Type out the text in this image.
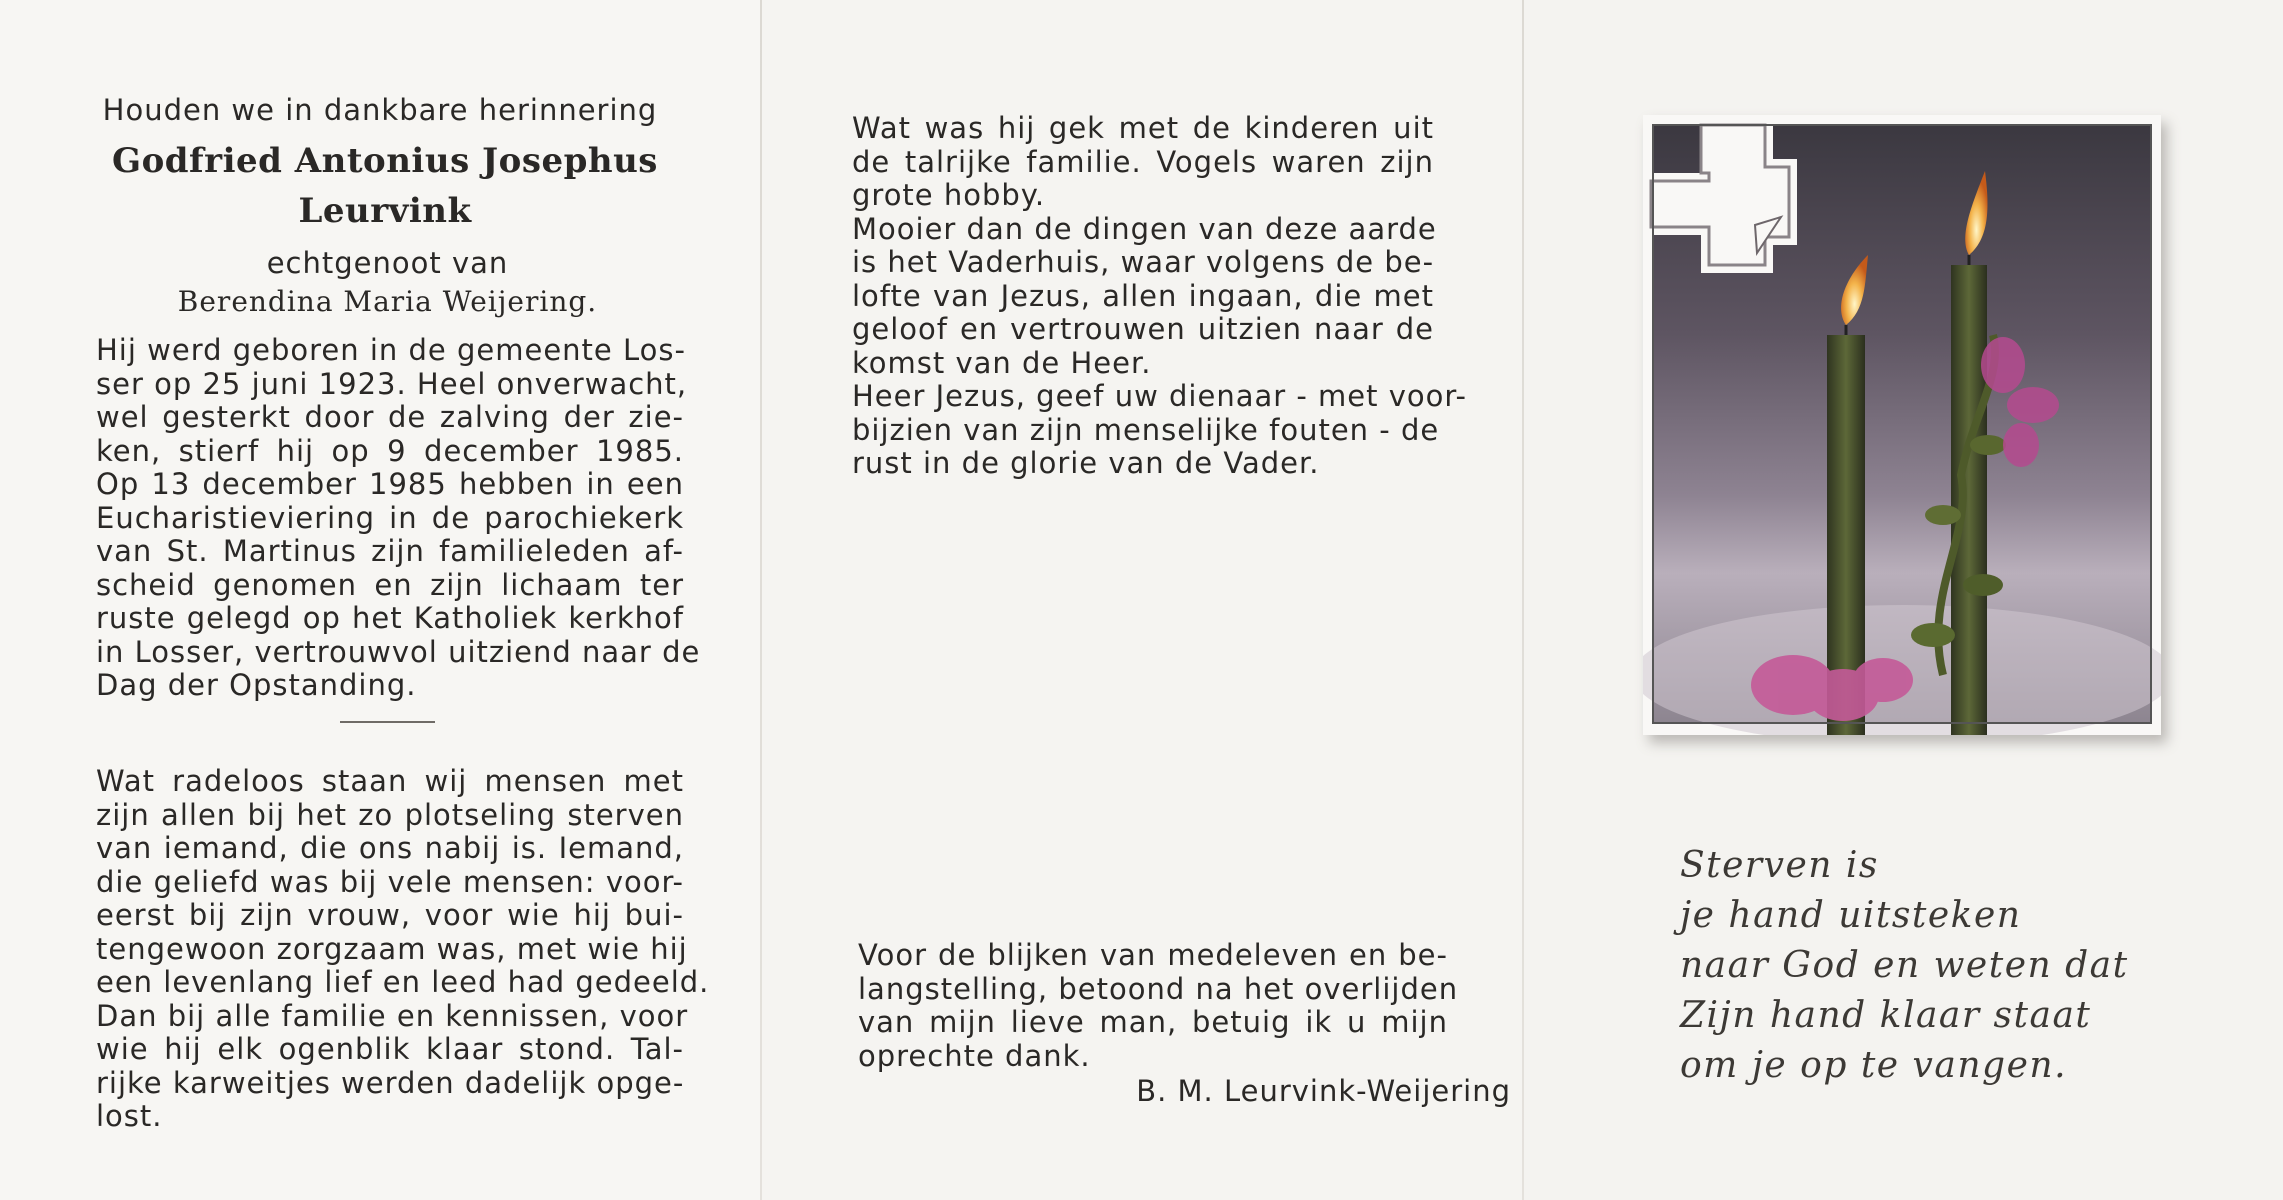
Houden we in dankbare herinnering
Godfried Antonius Josephus
Leurvink
echtgenoot van
Berendina Maria Weijering.
Hij werd geboren in de gemeente Los-
ser op 25 juni 1923. Heel onverwacht,
wel gesterkt door de zalving der zie-
ken, stierf hij op 9 december 1985.
Op 13 december 1985 hebben in een
Eucharistieviering in de parochiekerk
van St. Martinus zijn familieleden af-
scheid genomen en zijn lichaam ter
ruste gelegd op het Katholiek kerkhof
in Losser, vertrouwvol uitziend naar de
Dag der Opstanding.
Wat radeloos staan wij mensen met
zijn allen bij het zo plotseling sterven
van iemand, die ons nabij is. Iemand,
die geliefd was bij vele mensen: voor-
eerst bij zijn vrouw, voor wie hij bui-
tengewoon zorgzaam was, met wie hij
een levenlang lief en leed had gedeeld.
Dan bij alle familie en kennissen, voor
wie hij elk ogenblik klaar stond. Tal-
rijke karweitjes werden dadelijk opge-
lost.
Wat was hij gek met de kinderen uit
de talrijke familie. Vogels waren zijn
grote hobby.
Mooier dan de dingen van deze aarde
is het Vaderhuis, waar volgens de be-
lofte van Jezus, allen ingaan, die met
geloof en vertrouwen uitzien naar de
komst van de Heer.
Heer Jezus, geef uw dienaar - met voor-
bijzien van zijn menselijke fouten - de
rust in de glorie van de Vader.
Voor de blijken van medeleven en be-
langstelling, betoond na het overlijden
van mijn lieve man, betuig ik u mijn
oprechte dank.
B. M. Leurvink-Weijering
Sterven is
je hand uitsteken
naar God en weten dat
Zijn hand klaar staat
om je op te vangen.
